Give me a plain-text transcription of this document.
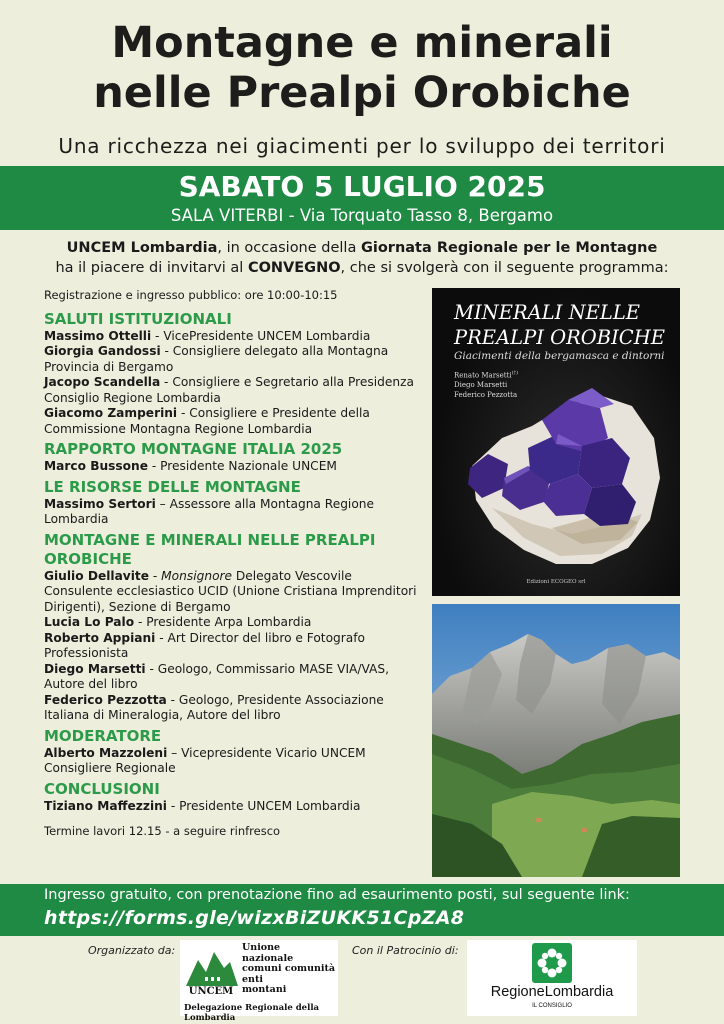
Montagne e minerali
nelle Prealpi Orobiche
Una ricchezza nei giacimenti per lo sviluppo dei territori
SABATO 5 LUGLIO 2025
SALA VITERBI - Via Torquato Tasso 8, Bergamo
UNCEM Lombardia, in occasione della Giornata Regionale per le Montagne
ha il piacere di invitarvi al CONVEGNO, che si svolgerà con il seguente programma:
Registrazione e ingresso pubblico: ore 10:00-10:15
SALUTI ISTITUZIONALI
Massimo Ottelli - VicePresidente UNCEM Lombardia
Giorgia Gandossi - Consigliere delegato alla Montagna Provincia di Bergamo
Jacopo Scandella - Consigliere e Segretario alla Presidenza Consiglio Regione Lombardia
Giacomo Zamperini - Consigliere e Presidente della Commissione Montagna Regione Lombardia
RAPPORTO MONTAGNE ITALIA 2025
Marco Bussone - Presidente Nazionale UNCEM
LE RISORSE DELLE MONTAGNE
Massimo Sertori – Assessore alla Montagna Regione Lombardia
MONTAGNE E MINERALI NELLE PREALPI OROBICHE
Giulio Dellavite - Monsignore Delegato Vescovile Consulente ecclesiastico UCID (Unione Cristiana Imprenditori Dirigenti), Sezione di Bergamo
Lucia Lo Palo - Presidente Arpa Lombardia
Roberto Appiani - Art Director del libro e Fotografo Professionista
Diego Marsetti - Geologo, Commissario MASE VIA/VAS, Autore del libro
Federico Pezzotta - Geologo, Presidente Associazione Italiana di Mineralogia, Autore del libro
MODERATORE
Alberto Mazzoleni – Vicepresidente Vicario UNCEM Consigliere Regionale
CONCLUSIONI
Tiziano Maffezzini - Presidente UNCEM Lombardia
Termine lavori 12.15 - a seguire rinfresco
MINERALI NELLE
PREALPI OROBICHE
Giacimenti della bergamasca e dintorni
Renato Marsetti(†)
Diego Marsetti
Federico Pezzotta
Edizioni ECOGEO srl
Ingresso gratuito, con prenotazione fino ad esaurimento posti, sul seguente link:
https://forms.gle/wizxBiZUKK51CpZA8
Organizzato da:
UNCEM
Unione
nazionale
comuni comunità
enti
montani
Delegazione Regionale della Lombardia
Con il Patrocinio di:
RegioneLombardia
IL CONSIGLIO
